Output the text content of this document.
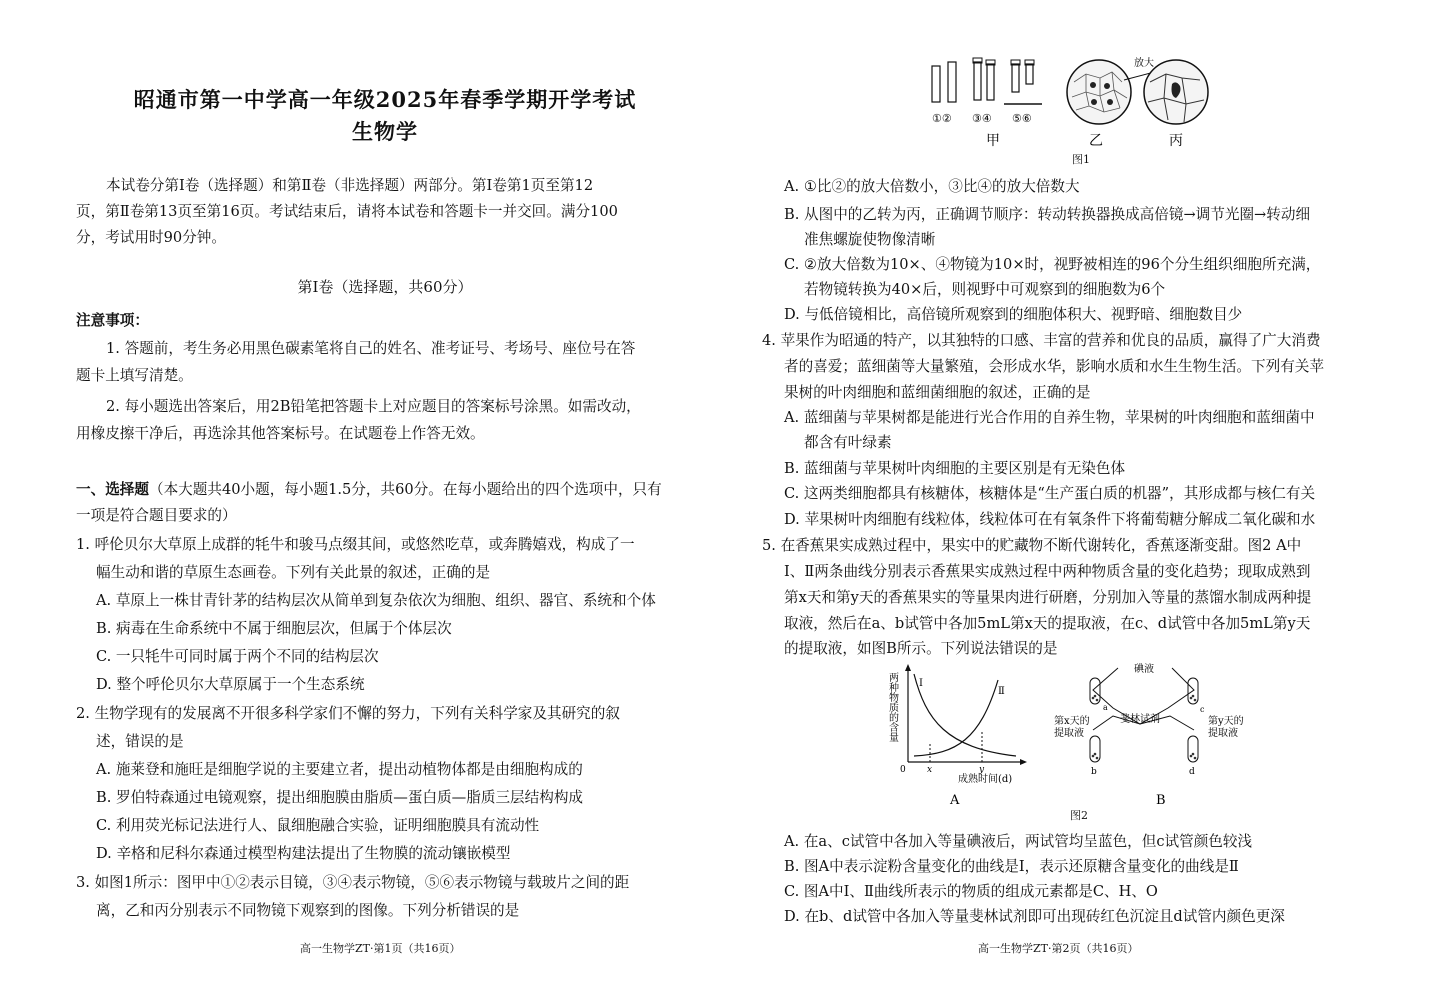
昭通市第一中学高一年级2025年春季学期开学考试
生物学
本试卷分第Ⅰ卷（选择题）和第Ⅱ卷（非选择题）两部分。第Ⅰ卷第1页至第12
页，第Ⅱ卷第13页至第16页。考试结束后，请将本试卷和答题卡一并交回。满分100
分，考试用时90分钟。
第Ⅰ卷（选择题，共60分）
注意事项：
1. 答题前，考生务必用黑色碳素笔将自己的姓名、准考证号、考场号、座位号在答
题卡上填写清楚。
2. 每小题选出答案后，用2B铅笔把答题卡上对应题目的答案标号涂黑。如需改动，
用橡皮擦干净后，再选涂其他答案标号。在试题卷上作答无效。
一、选择题（本大题共40小题，每小题1.5分，共60分。在每小题给出的四个选项中，只有
一项是符合题目要求的）
1. 呼伦贝尔大草原上成群的牦牛和骏马点缀其间，或悠然吃草，或奔腾嬉戏，构成了一
幅生动和谐的草原生态画卷。下列有关此景的叙述，正确的是
A. 草原上一株甘青针茅的结构层次从简单到复杂依次为细胞、组织、器官、系统和个体
B. 病毒在生命系统中不属于细胞层次，但属于个体层次
C. 一只牦牛可同时属于两个不同的结构层次
D. 整个呼伦贝尔大草原属于一个生态系统
2. 生物学现有的发展离不开很多科学家们不懈的努力，下列有关科学家及其研究的叙
述，错误的是
A. 施莱登和施旺是细胞学说的主要建立者，提出动植物体都是由细胞构成的
B. 罗伯特森通过电镜观察，提出细胞膜由脂质—蛋白质—脂质三层结构构成
C. 利用荧光标记法进行人、鼠细胞融合实验，证明细胞膜具有流动性
D. 辛格和尼科尔森通过模型构建法提出了生物膜的流动镶嵌模型
3. 如图1所示：图甲中①②表示目镜，③④表示物镜，⑤⑥表示物镜与载玻片之间的距
离，乙和丙分别表示不同物镜下观察到的图像。下列分析错误的是
高一生物学ZT·第1页（共16页）
①② ③④ ⑤⑥
甲
放大
乙	丙
图1
A. ①比②的放大倍数小，③比④的放大倍数大
B. 从图中的乙转为丙，正确调节顺序：转动转换器换成高倍镜→调节光圈→转动细
准焦螺旋使物像清晰
C. ②放大倍数为10×、④物镜为10×时，视野被相连的96个分生组织细胞所充满，
若物镜转换为40×后，则视野中可观察到的细胞数为6个
D. 与低倍镜相比，高倍镜所观察到的细胞体积大、视野暗、细胞数目少
4. 苹果作为昭通的特产，以其独特的口感、丰富的营养和优良的品质，赢得了广大消费
者的喜爱；蓝细菌等大量繁殖，会形成水华，影响水质和水生生物生活。下列有关苹
果树的叶肉细胞和蓝细菌细胞的叙述，正确的是
A. 蓝细菌与苹果树都是能进行光合作用的自养生物，苹果树的叶肉细胞和蓝细菌中
都含有叶绿素
B. 蓝细菌与苹果树叶肉细胞的主要区别是有无染色体
C. 这两类细胞都具有核糖体，核糖体是“生产蛋白质的机器”，其形成都与核仁有关
D. 苹果树叶肉细胞有线粒体，线粒体可在有氧条件下将葡萄糖分解成二氧化碳和水
5. 在香蕉果实成熟过程中，果实中的贮藏物不断代谢转化，香蕉逐渐变甜。图2 A中
Ⅰ、Ⅱ两条曲线分别表示香蕉果实成熟过程中两种物质含量的变化趋势；现取成熟到
第x天和第y天的香蕉果实的等量果肉进行研磨，分别加入等量的蒸馏水制成两种提
取液，然后在a、b试管中各加5mL第x天的提取液，在c、d试管中各加5mL第y天
的提取液，如图B所示。下列说法错误的是
两种物质的含量 Ⅰ
Ⅱ
0 x	y
成熟时间(d)
A
碘液
斐林试剂
a	c
b	d
第x天的
提取液
第y天的
提取液
B
图2
A. 在a、c试管中各加入等量碘液后，两试管均呈蓝色，但c试管颜色较浅
B. 图A中表示淀粉含量变化的曲线是Ⅰ，表示还原糖含量变化的曲线是Ⅱ
C. 图A中Ⅰ、Ⅱ曲线所表示的物质的组成元素都是C、H、O
D. 在b、d试管中各加入等量斐林试剂即可出现砖红色沉淀且d试管内颜色更深
高一生物学ZT·第2页（共16页）
